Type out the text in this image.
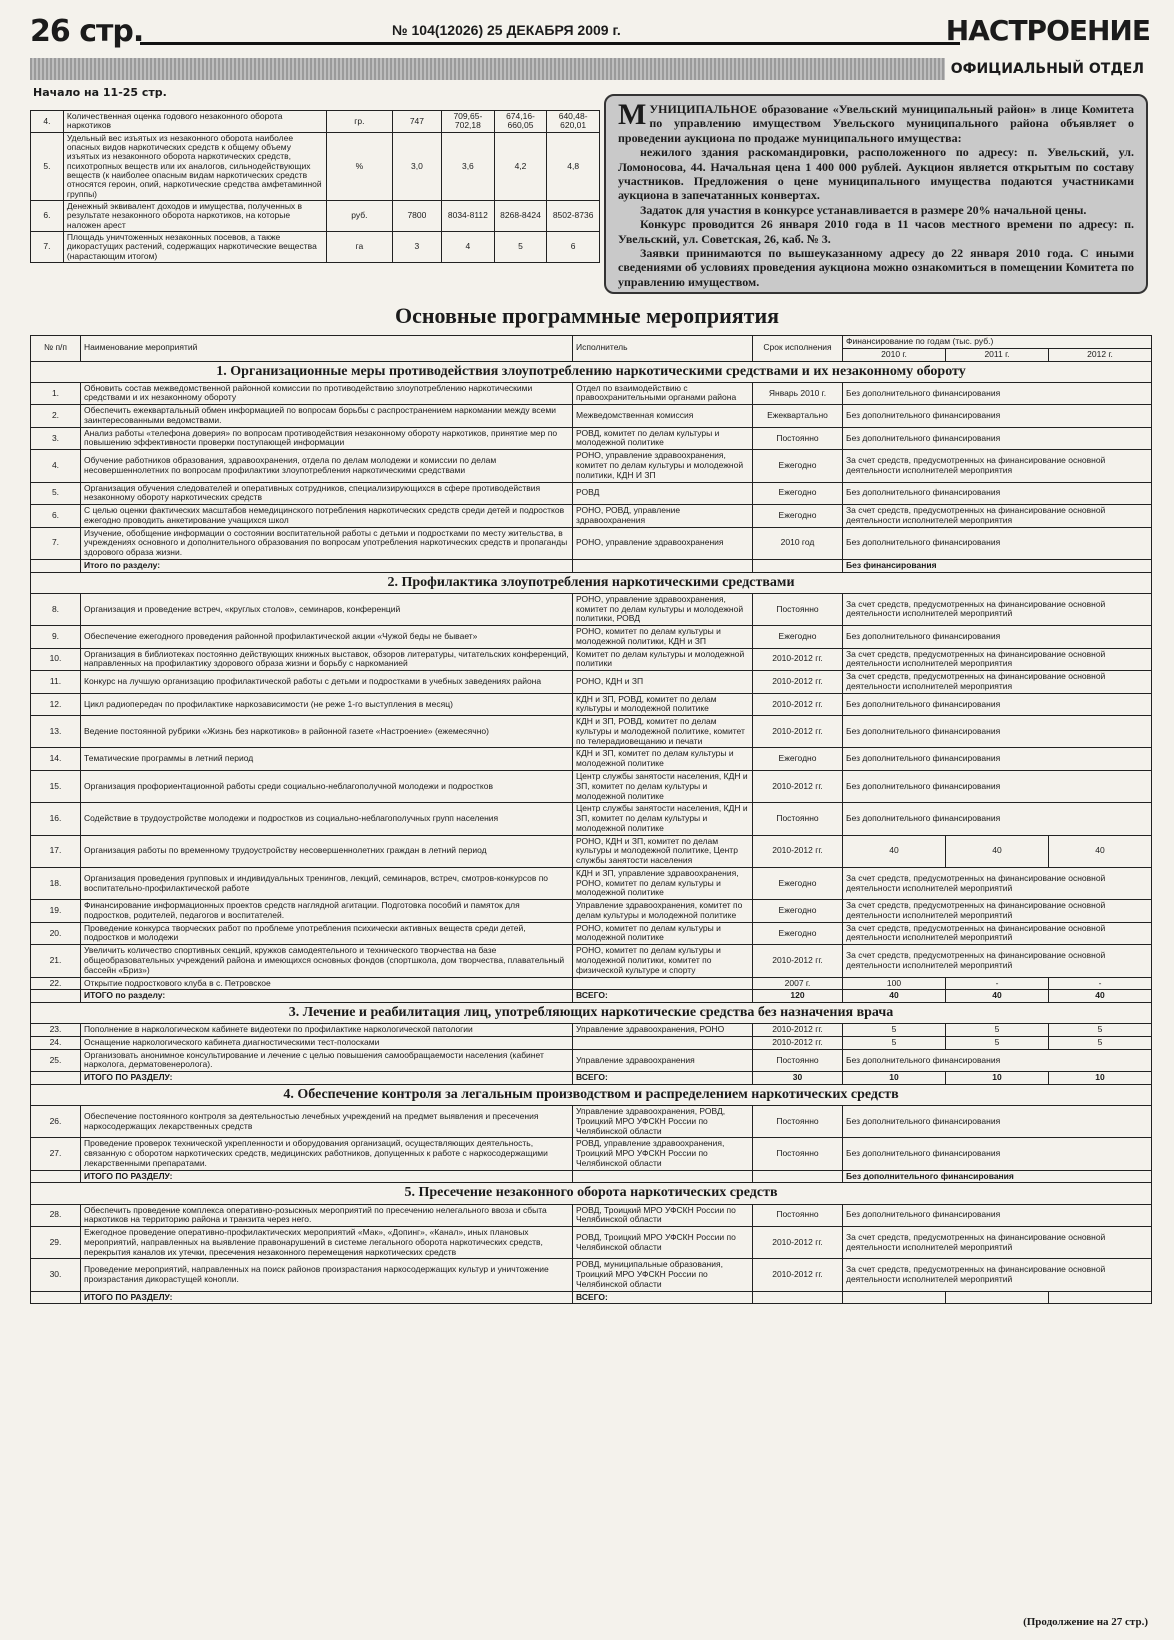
26 стр.	№ 104(12026) 25 ДЕКАБРЯ 2009 г.	НАСТРОЕНИЕ
ОФИЦИАЛЬНЫЙ ОТДЕЛ
Начало на 11-25 стр.
4.	Количественная оценка годового незаконного оборота наркотиков	гр.	747	709,65-702,18	674,16-660,05	640,48-620,01
5.	Удельный вес изъятых из незаконного оборота наиболее опасных видов наркотических средств к общему объему изъятых из незаконного оборота наркотических средств, психотропных веществ или их аналогов, сильнодействующих веществ (к наиболее опасным видам наркотических средств относятся героин, опий, наркотические средства амфетаминной группы)	%	3,0	3,6	4,2	4,8
6.	Денежный эквивалент доходов и имущества, полученных в результате незаконного оборота наркотиков, на которые наложен арест	руб.	7800	8034-8112	8268-8424	8502-8736
7.	Площадь уничтоженных незаконных посевов, а также дикорастущих растений, содержащих наркотические вещества (нарастающим итогом)	га	3	4	5	6

МУНИЦИПАЛЬНОЕ образование «Увельский муниципальный район» в лице Комитета по управлению имуществом Увельского муниципального района объявляет о проведении аукциона по продаже муниципального имущества:

нежилого здания раскомандировки, расположенного по адресу: п. Увельский, ул. Ломоносова, 44. Начальная цена 1 400 000 рублей. Аукцион является открытым по составу участников. Предложения о цене муниципального имущества подаются участниками аукциона в запечатанных конвертах.

Задаток для участия в конкурсе устанавливается в размере 20% начальной цены.

Конкурс проводится 26 января 2010 года в 11 часов местного времени по адресу: п. Увельский, ул. Советская, 26, каб. № 3.

Заявки принимаются по вышеуказанному адресу до 22 января 2010 года. С иными сведениями об условиях проведения аукциона можно ознакомиться в помещении Комитета по управлению имуществом.

Основные программные мероприятия
№ п/п	Наименование мероприятий	Исполнитель	Срок исполнения	Финансирование по годам (тыс. руб.)		
				2010 г.	2011 г.	2012 г.
1. Организационные меры противодействия злоупотреблению наркотическими средствами и их незаконному обороту						
1.	Обновить состав межведомственной районной комиссии по противодействию злоупотреблению наркотическими средствами и их незаконному обороту	Отдел по взаимодействию с правоохранительными органами района	Январь 2010 г.	Без дополнительного финансирования		
2.	Обеспечить ежеквартальный обмен информацией по вопросам борьбы с распространением наркомании между всеми заинтересованными ведомствами.	Межведомственная комиссия	Ежеквартально	Без дополнительного финансирования		
3.	Анализ работы «телефона доверия» по вопросам противодействия незаконному обороту наркотиков, принятие мер по повышению эффективности проверки поступающей информации	РОВД, комитет по делам культуры и молодежной политике	Постоянно	Без дополнительного финансирования		
4.	Обучение работников образования, здравоохранения, отдела по делам молодежи и комиссии по делам несовершеннолетних по вопросам профилактики злоупотребления наркотическими средствами	РОНО, управление здравоохранения, комитет по делам культуры и молодежной политики, КДН И ЗП	Ежегодно	За счет средств, предусмотренных на финансирование основной деятельности исполнителей мероприятия		
5.	Организация обучения следователей и оперативных сотрудников, специализирующихся в сфере противодействия незаконному обороту наркотических средств	РОВД	Ежегодно	Без дополнительного финансирования		
6.	С целью оценки фактических масштабов немедицинского потребления наркотических средств среди детей и подростков ежегодно проводить анкетирование учащихся школ	РОНО, РОВД, управление здравоохранения	Ежегодно	За счет средств, предусмотренных на финансирование основной деятельности исполнителей мероприятия		
7.	Изучение, обобщение информации о состоянии воспитательной работы с детьми и подростками по месту жительства, в учреждениях основного и дополнительного образования по вопросам употребления наркотических средств и пропаганды здорового образа жизни.	РОНО, управление здравоохранения	2010 год	Без дополнительного финансирования		
	Итого по разделу:			Без финансирования		
2. Профилактика злоупотребления наркотическими средствами						
8.	Организация и проведение встреч, «круглых столов», семинаров, конференций	РОНО, управление здравоохранения, комитет по делам культуры и молодежной политики, РОВД	Постоянно	За счет средств, предусмотренных на финансирование основной деятельности исполнителей мероприятий		
9.	Обеспечение ежегодного проведения районной профилактической акции «Чужой беды не бывает»	РОНО, комитет по делам культуры и молодежной политики, КДН и ЗП	Ежегодно	Без дополнительного финансирования		
10.	Организация в библиотеках постоянно действующих книжных выставок, обзоров литературы, читательских конференций, направленных на профилактику здорового образа жизни и борьбу с наркоманией	Комитет по делам культуры и молодежной политики	2010-2012 гг.	За счет средств, предусмотренных на финансирование основной деятельности исполнителей мероприятия		
11.	Конкурс на лучшую организацию профилактической работы с детьми и подростками в учебных заведениях района	РОНО, КДН и ЗП	2010-2012 гг.	За счет средств, предусмотренных на финансирование основной деятельности исполнителей мероприятия		
12.	Цикл радиопередач по профилактике наркозависимости (не реже 1-го выступления в месяц)	КДН и ЗП, РОВД, комитет по делам культуры и молодежной политике	2010-2012 гг.	Без дополнительного финансирования		
13.	Ведение постоянной рубрики «Жизнь без наркотиков» в районной газете «Настроение» (ежемесячно)	КДН и ЗП, РОВД, комитет по делам культуры и молодежной политике, комитет по телерадиовещанию и печати	2010-2012 гг.	Без дополнительного финансирования		
14.	Тематические программы в летний период	КДН и ЗП, комитет по делам культуры и молодежной политике	Ежегодно	Без дополнительного финансирования		
15.	Организация профориентационной работы среди социально-неблагополучной молодежи и подростков	Центр службы занятости населения, КДН и ЗП, комитет по делам культуры и молодежной политике	2010-2012 гг.	Без дополнительного финансирования		
16.	Содействие в трудоустройстве молодежи и подростков из социально-неблагополучных групп населения	Центр службы занятости населения, КДН и ЗП, комитет по делам культуры и молодежной политике	Постоянно	Без дополнительного финансирования		
17.	Организация работы по временному трудоустройству несовершеннолетних граждан в летний период	РОНО, КДН и ЗП, комитет по делам культуры и молодежной политике, Центр службы занятости населения	2010-2012 гг.	40	40	40
18.	Организация проведения групповых и индивидуальных тренингов, лекций, семинаров, встреч, смотров-конкурсов по воспитательно-профилактической работе	КДН и ЗП, управление здравоохранения, РОНО, комитет по делам культуры и молодежной политике	Ежегодно	За счет средств, предусмотренных на финансирование основной деятельности исполнителей мероприятий		
19.	Финансирование информационных проектов средств наглядной агитации. Подготовка пособий и памяток для подростков, родителей, педагогов и воспитателей.	Управление здравоохранения, комитет по делам культуры и молодежной политике	Ежегодно	За счет средств, предусмотренных на финансирование основной деятельности исполнителей мероприятий		
20.	Проведение конкурса творческих работ по проблеме употребления психически активных веществ среди детей, подростков и молодежи	РОНО, комитет по делам культуры и молодежной политике	Ежегодно	За счет средств, предусмотренных на финансирование основной деятельности исполнителей мероприятий		
21.	Увеличить количество спортивных секций, кружков самодеятельного и технического творчества на базе общеобразовательных учреждений района и имеющихся основных фондов (спортшкола, дом творчества, плавательный бассейн «Бриз»)	РОНО, комитет по делам культуры и молодежной политики, комитет по физической культуре и спорту	2010-2012 гг.	За счет средств, предусмотренных на финансирование основной деятельности исполнителей мероприятий		
22.	Открытие подросткового клуба в с. Петровское		2007 г.	100	-	-
	ИТОГО по разделу:	ВСЕГО:	120	40	40	40
3. Лечение и реабилитация лиц, употребляющих наркотические средства без назначения врача						
23.	Пополнение в наркологическом кабинете видеотеки по профилактике наркологической патологии	Управление здравоохранения, РОНО	2010-2012 гг.	5	5	5
24.	Оснащение наркологического кабинета диагностическими тест-полосками		2010-2012 гг.	5	5	5
25.	Организовать анонимное консультирование и лечение с целью повышения самообращаемости населения (кабинет нарколога, дерматовенеролога).	Управление здравоохранения	Постоянно	Без дополнительного финансирования		
	ИТОГО ПО РАЗДЕЛУ:	ВСЕГО:	30	10	10	10
4. Обеспечение контроля за легальным производством и распределением наркотических средств						
26.	Обеспечение постоянного контроля за деятельностью лечебных учреждений на предмет выявления и пресечения наркосодержащих лекарственных средств	Управление здравоохранения, РОВД, Троицкий МРО УФСКН России по Челябинской области	Постоянно	Без дополнительного финансирования		
27.	Проведение проверок технической укрепленности и оборудования организаций, осуществляющих деятельность, связанную с оборотом наркотических средств, медицинских работников, допущенных к работе с наркосодержащими лекарственными препаратами.	РОВД, управление здравоохранения, Троицкий МРО УФСКН России по Челябинской области	Постоянно	Без дополнительного финансирования		
	ИТОГО ПО РАЗДЕЛУ:			Без дополнительного финансирования		
5. Пресечение незаконного оборота наркотических средств						
28.	Обеспечить проведение комплекса оперативно-розыскных мероприятий по пресечению нелегального ввоза и сбыта наркотиков на территорию района и транзита через него.	РОВД, Троицкий МРО УФСКН России по Челябинской области	Постоянно	Без дополнительного финансирования		
29.	Ежегодное проведение оперативно-профилактических мероприятий «Мак», «Допинг», «Канал», иных плановых мероприятий, направленных на выявление правонарушений в системе легального оборота наркотических средств, перекрытия каналов их утечки, пресечения незаконного перемещения наркотических средств	РОВД, Троицкий МРО УФСКН России по Челябинской области	2010-2012 гг.	За счет средств, предусмотренных на финансирование основной деятельности исполнителей мероприятий		
30.	Проведение мероприятий, направленных на поиск районов произрастания наркосодержащих культур и уничтожение произрастания дикорастущей конопли.	РОВД, муниципальные образования, Троицкий МРО УФСКН России по Челябинской области	2010-2012 гг.	За счет средств, предусмотренных на финансирование основной деятельности исполнителей мероприятий		
	ИТОГО ПО РАЗДЕЛУ:	ВСЕГО:				
(Продолжение на 27 стр.)
